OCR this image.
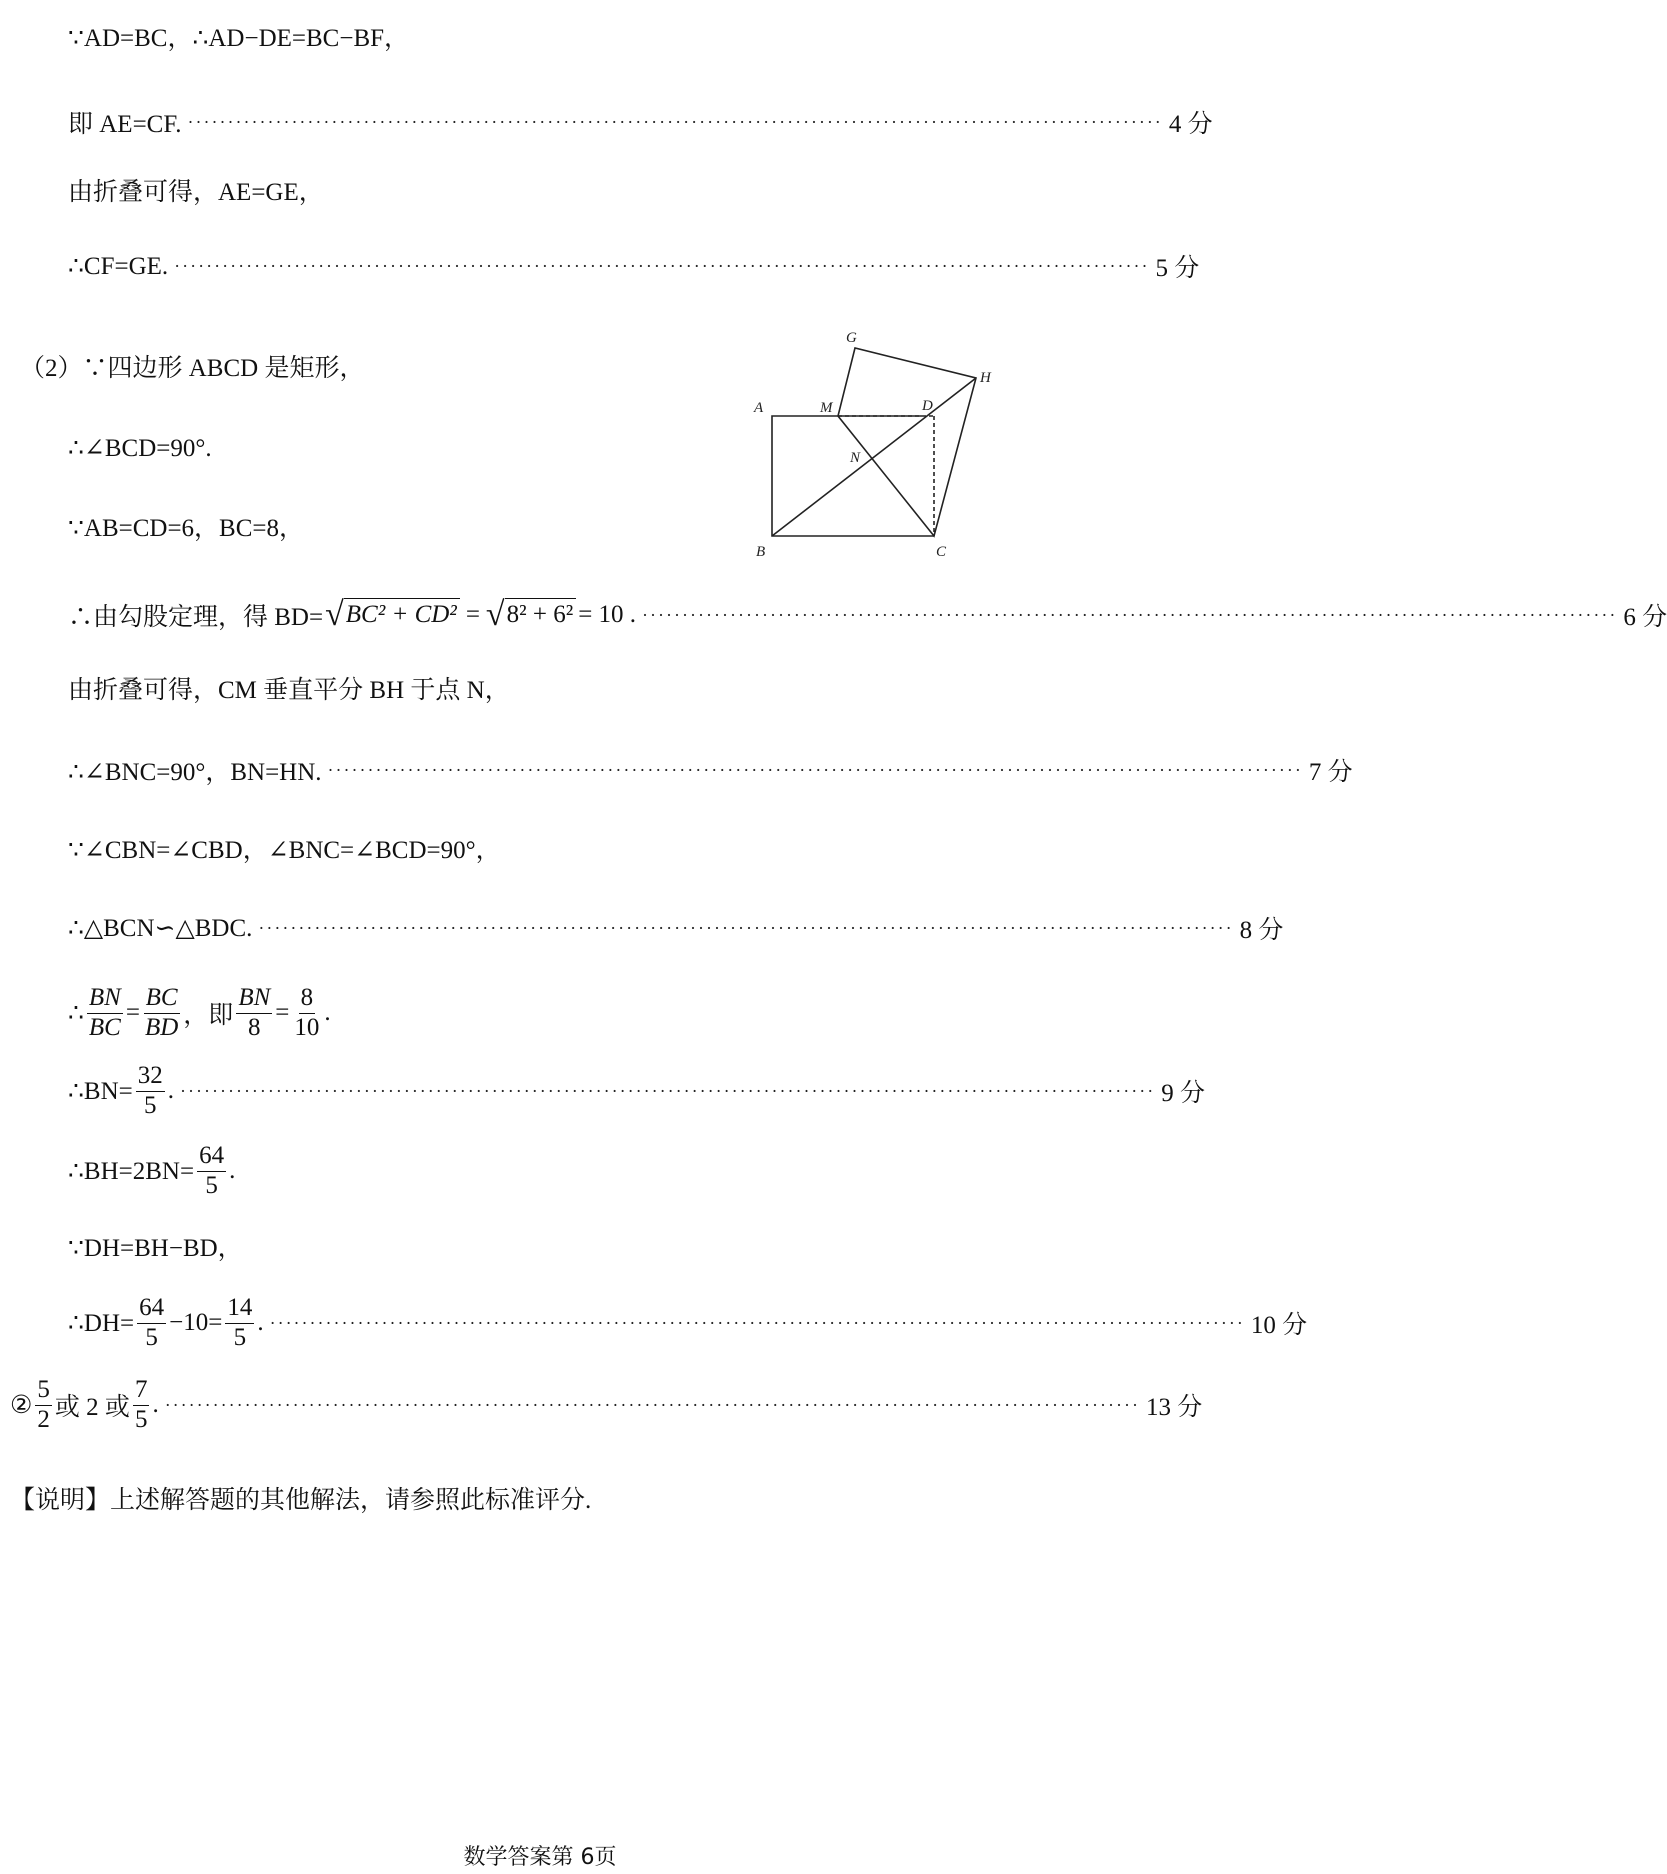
∵AD=BC，∴AD−DE=BC−BF，
即 AE=CF. ·························································································································· 4 分
由折叠可得，AE=GE，
∴CF=GE. ·························································································································· 5 分
（2）∵四边形 ABCD 是矩形，
∴∠BCD=90°.
∵AB=CD=6，BC=8，
∴由勾股定理，得 BD= √ BC² + CD² = √ 8² + 6² = 10 . ·························································································································· 6 分
由折叠可得，CM 垂直平分 BH 于点 N，
∴∠BNC=90°，BN=HN. ·························································································································· 7 分
∵∠CBN=∠CBD，∠BNC=∠BCD=90°，
∴△BCN∽△BDC. ·························································································································· 8 分
∴ $\frac{BN}{BC} = \frac{BC}{BD}$ ，即 $\frac{BN}{8} = \frac{8}{10}$ .
∴BN= $\frac{32}{5}$ . ·························································································································· 9 分
∴BH=2BN= $\frac{64}{5}$ .
∵DH=BH−BD，
∴DH= $\frac{64}{5} -10= \frac{14}{5}$ . ·························································································································· 10 分
② $\frac{5}{2}$ 或 2 或 $\frac{7}{5}$ . ·························································································································· 13 分
【说明】上述解答题的其他解法，请参照此标准评分.
A
B	C
D
G
H
M
N
数学答案第 6页
